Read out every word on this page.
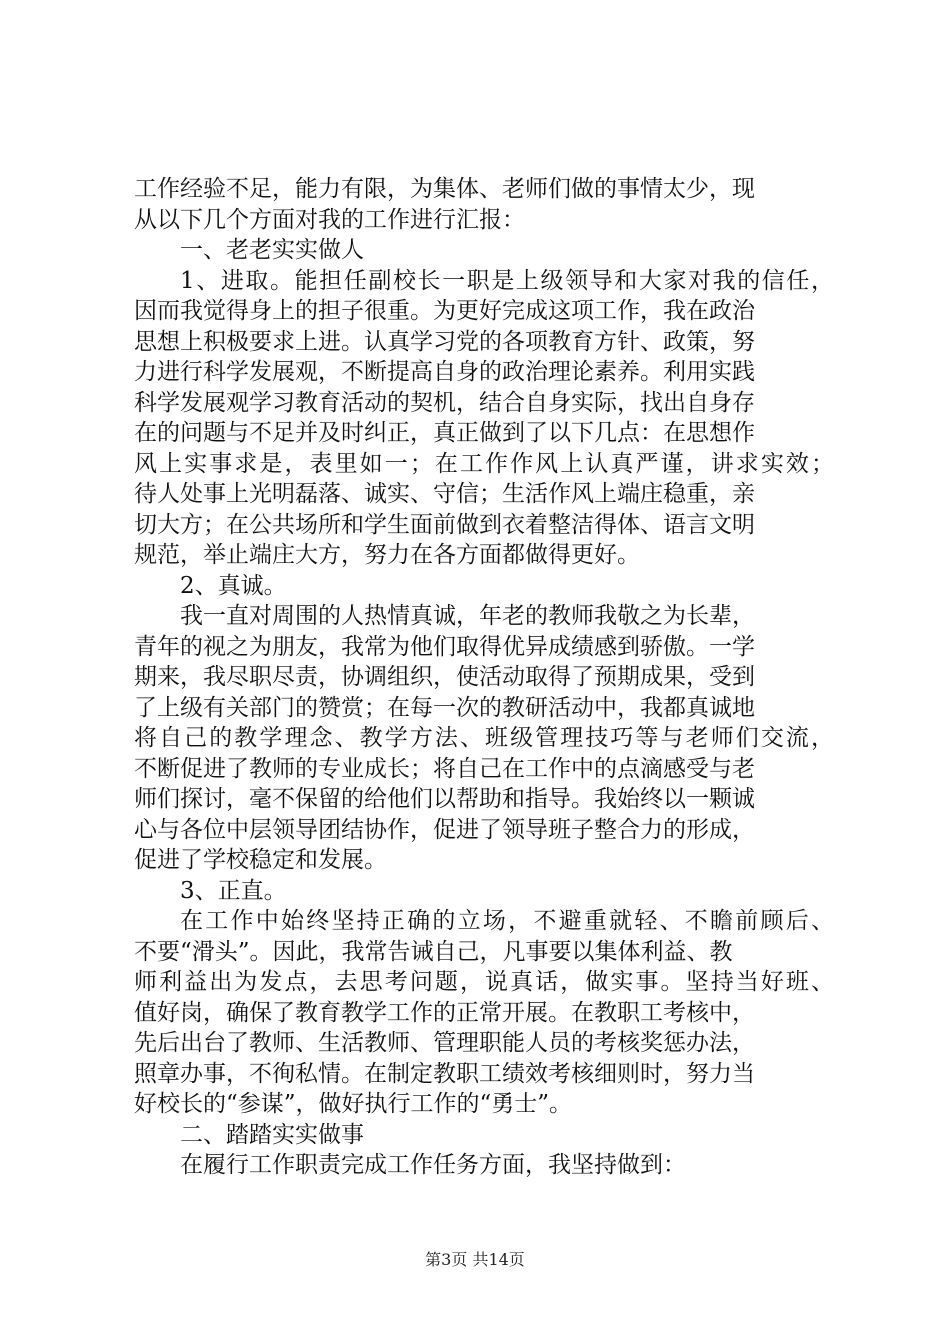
工作经验不足，能力有限，为集体、老师们做的事情太少，现

从以下几个方面对我的工作进行汇报：

一、老老实实做人

1、进取。能担任副校长一职是上级领导和大家对我的信任，

因而我觉得身上的担子很重。为更好完成这项工作，我在政治

思想上积极要求上进。认真学习党的各项教育方针、政策，努

力进行科学发展观，不断提高自身的政治理论素养。利用实践

科学发展观学习教育活动的契机，结合自身实际，找出自身存

在的问题与不足并及时纠正，真正做到了以下几点：在思想作

风上实事求是，表里如一；在工作作风上认真严谨，讲求实效；

待人处事上光明磊落、诚实、守信；生活作风上端庄稳重，亲

切大方；在公共场所和学生面前做到衣着整洁得体、语言文明

规范，举止端庄大方，努力在各方面都做得更好。

2、真诚。

我一直对周围的人热情真诚，年老的教师我敬之为长辈，

青年的视之为朋友，我常为他们取得优异成绩感到骄傲。一学

期来，我尽职尽责，协调组织，使活动取得了预期成果，受到

了上级有关部门的赞赏；在每一次的教研活动中，我都真诚地

将自己的教学理念、教学方法、班级管理技巧等与老师们交流，

不断促进了教师的专业成长；将自己在工作中的点滴感受与老

师们探讨，毫不保留的给他们以帮助和指导。我始终以一颗诚

心与各位中层领导团结协作，促进了领导班子整合力的形成，

促进了学校稳定和发展。

3、正直。

在工作中始终坚持正确的立场，不避重就轻、不瞻前顾后、

不要“滑头”。因此，我常告诫自己，凡事要以集体利益、教

师利益出为发点，去思考问题，说真话，做实事。坚持当好班、

值好岗，确保了教育教学工作的正常开展。在教职工考核中，

先后出台了教师、生活教师、管理职能人员的考核奖惩办法，

照章办事，不徇私情。在制定教职工绩效考核细则时，努力当

好校长的“参谋”，做好执行工作的“勇士”。

二、踏踏实实做事

在履行工作职责完成工作任务方面，我坚持做到：

第3页 共14页
